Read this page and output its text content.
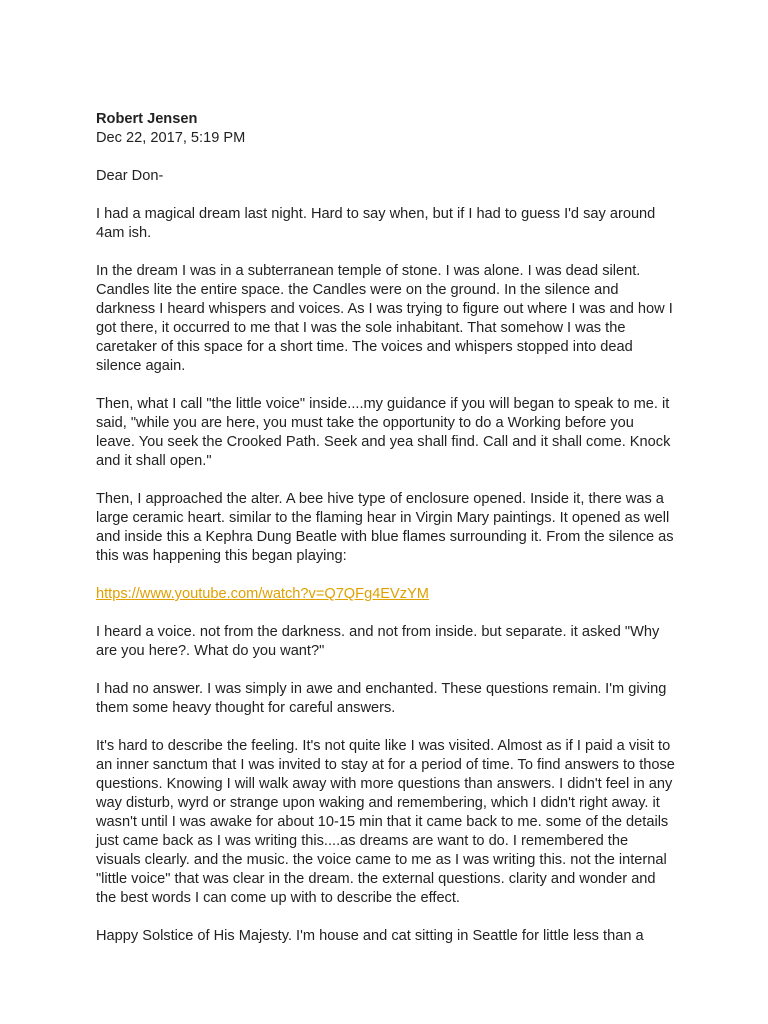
Robert Jensen

Dec 22, 2017, 5:19 PM

Dear Don-

I had a magical dream last night. Hard to say when, but if I had to guess I'd say around 4am ish.

In the dream I was in a subterranean temple of stone. I was alone. I was dead silent. Candles lite the entire space. the Candles were on the ground. In the silence and darkness I heard whispers and voices. As I was trying to figure out where I was and how I got there, it occurred to me that I was the sole inhabitant. That somehow I was the caretaker of this space for a short time. The voices and whispers stopped into dead silence again.

Then, what I call "the little voice" inside....my guidance if you will began to speak to me. it said, "while you are here, you must take the opportunity to do a Working before you leave. You seek the Crooked Path. Seek and yea shall find. Call and it shall come. Knock and it shall open."

Then, I approached the alter. A bee hive type of enclosure opened. Inside it, there was a large ceramic heart. similar to the flaming hear in Virgin Mary paintings. It opened as well and inside this a Kephra Dung Beatle with blue flames surrounding it. From the silence as this was happening this began playing:

https://www.youtube.com/watch?v=Q7QFg4EVzYM

I heard a voice. not from the darkness. and not from inside. but separate. it asked "Why are you here?. What do you want?"

I had no answer. I was simply in awe and enchanted. These questions remain. I'm giving them some heavy thought for careful answers.

It's hard to describe the feeling. It's not quite like I was visited. Almost as if I paid a visit to an inner sanctum that I was invited to stay at for a period of time. To find answers to those questions. Knowing I will walk away with more questions than answers. I didn't feel in any way disturb, wyrd or strange upon waking and remembering, which I didn't right away. it wasn't until I was awake for about 10-15 min that it came back to me. some of the details just came back as I was writing this....as dreams are want to do. I remembered the visuals clearly. and the music. the voice came to me as I was writing this. not the internal "little voice" that was clear in the dream. the external questions. clarity and wonder and the best words I can come up with to describe the effect.

Happy Solstice of His Majesty. I'm house and cat sitting in Seattle for little less than a
